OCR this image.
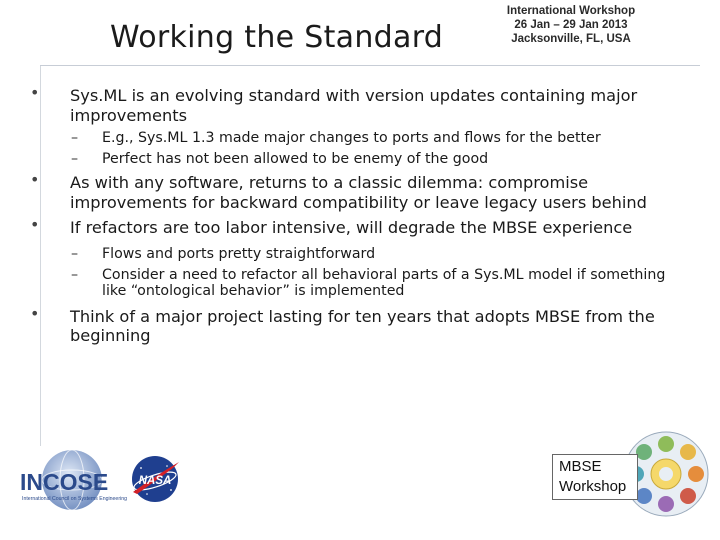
Working the Standard
International Workshop
26 Jan – 29 Jan 2013
Jacksonville, FL, USA
• Sys.ML is an evolving standard with version updates containing major improvements
– E.g., Sys.ML 1.3 made major changes to ports and flows for the better
– Perfect has not been allowed to be enemy of the good
• As with any software, returns to a classic dilemma: compromise improvements for backward compatibility or leave legacy users behind
• If refactors are too labor intensive, will degrade the MBSE experience
– Flows and ports pretty straightforward
– Consider a need to refactor all behavioral parts of a Sys.ML model if something like “ontological behavior” is implemented
• Think of a major project lasting for ten years that adopts MBSE from the beginning
INCOSE
International Council on Systems Engineering
NASA
MBSE
Workshop
